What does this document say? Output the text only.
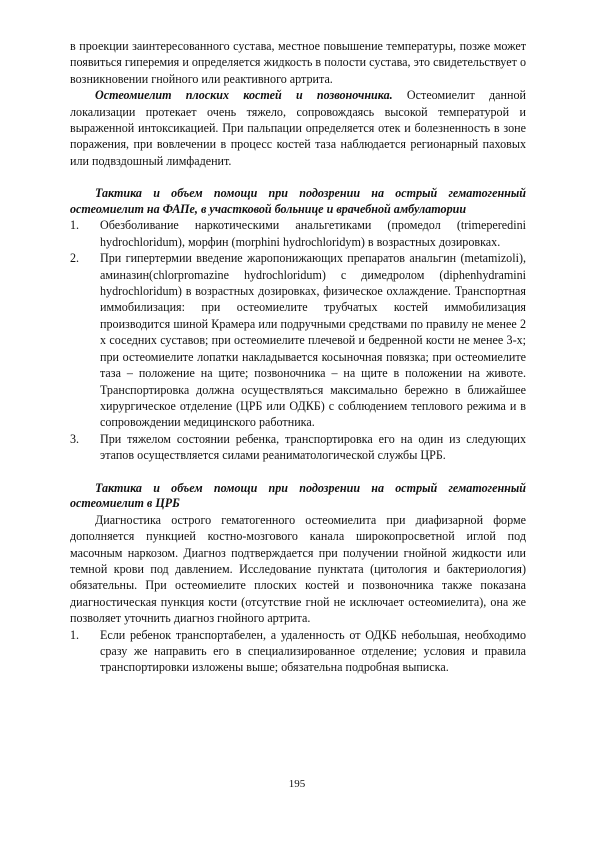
в проекции заинтересованного сустава, местное повышение температуры, позже может появиться гиперемия и определяется жидкость в полости сустава, это свидетельствует о возникновении гнойного или реактивного артрита.

Остеомиелит плоских костей и позвоночника. Остеомиелит данной локализации протекает очень тяжело, сопровождаясь высокой температурой и выраженной интоксикацией. При пальпации определяется отек и болезненность в зоне поражения, при вовлечении в процесс костей таза наблюдается регионарный паховых или подвздошный лимфаденит.

Тактика и объем помощи при подозрении на острый гематогенный остеомиелит на ФАПе, в участковой больнице и врачебной амбулатории

1. Обезболивание наркотическими анальгетиками (промедол (trimeperedini hydrochloridum), морфин (morphini hydrochloridym) в возрастных дозировках.
2. При гипертермии введение жаропонижающих препаратов анальгин (metamizoli), аминазин(chlorpromazine hydrochloridum) с димедролом (diphenhydramini hydrochloridum) в возрастных дозировках, физическое охлаждение. Транспортная иммобилизация: при остеомиелите трубчатых костей иммобилизация производится шиной Крамера или подручными средствами по правилу не менее 2 х соседних суставов; при остеомиелите плечевой и бедренной кости не менее 3-х; при остеомиелите лопатки накладывается косыночная повязка; при остеомиелите таза – положение на щите; позвоночника – на щите в положении на животе. Транспортировка должна осуществляться максимально бережно в ближайшее хирургическое отделение (ЦРБ или ОДКБ) с соблюдением теплового режима и в сопровождении медицинского работника.
3. При тяжелом состоянии ребенка, транспортировка его на один из следующих этапов осуществляется силами реаниматологической службы ЦРБ.

Тактика и объем помощи при подозрении на острый гематогенный остеомиелит в ЦРБ

Диагностика острого гематогенного остеомиелита при диафизарной форме дополняется пункцией костно-мозгового канала широкопросветной иглой под масочным наркозом. Диагноз подтверждается при получении гнойной жидкости или темной крови под давлением. Исследование пунктата (цитология и бактериология) обязательны. При остеомиелите плоских костей и позвоночника также показана диагностическая пункция кости (отсутствие гной не исключает остеомиелита), она же позволяет уточнить диагноз гнойного артрита.

1. Если ребенок транспортабелен, а удаленность от ОДКБ небольшая, необходимо сразу же направить его в специализированное отделение; условия и правила транспортировки изложены выше; обязательна подробная выписка.
195
